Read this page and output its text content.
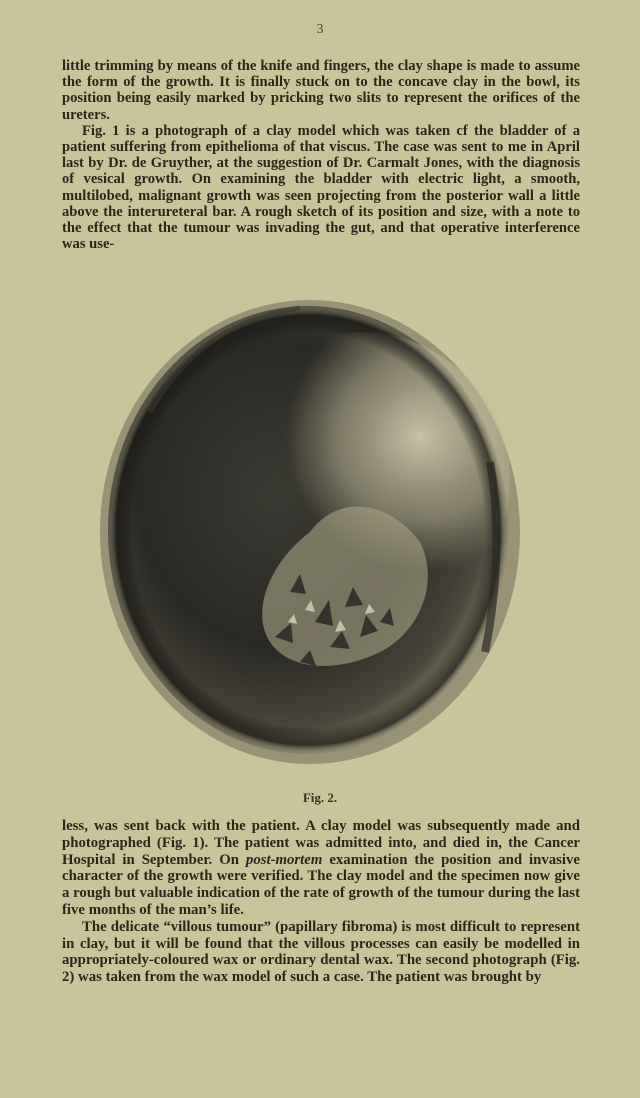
3

little trimming by means of the knife and fingers, the clay shape is made to assume the form of the growth. It is finally stuck on to the concave clay in the bowl, its position being easily marked by pricking two slits to represent the orifices of the ureters.

Fig. 1 is a photograph of a clay model which was taken cf the bladder of a patient suffering from epithelioma of that viscus. The case was sent to me in April last by Dr. de Gruyther, at the suggestion of Dr. Carmalt Jones, with the diagnosis of vesical growth. On examining the bladder with electric light, a smooth, multilobed, malignant growth was seen projecting from the posterior wall a little above the interureteral bar. A rough sketch of its position and size, with a note to the effect that the tumour was invading the gut, and that operative interference was use-

Fig. 2.

less, was sent back with the patient. A clay model was subsequently made and photographed (Fig. 1). The patient was admitted into, and died in, the Cancer Hospital in September. On post-mortem examination the position and invasive character of the growth were verified. The clay model and the specimen now give a rough but valuable indication of the rate of growth of the tumour during the last five months of the man’s life.

The delicate “villous tumour” (papillary fibroma) is most difficult to represent in clay, but it will be found that the villous processes can easily be modelled in appropriately-coloured wax or ordinary dental wax. The second photograph (Fig. 2) was taken from the wax model of such a case. The patient was brought by
